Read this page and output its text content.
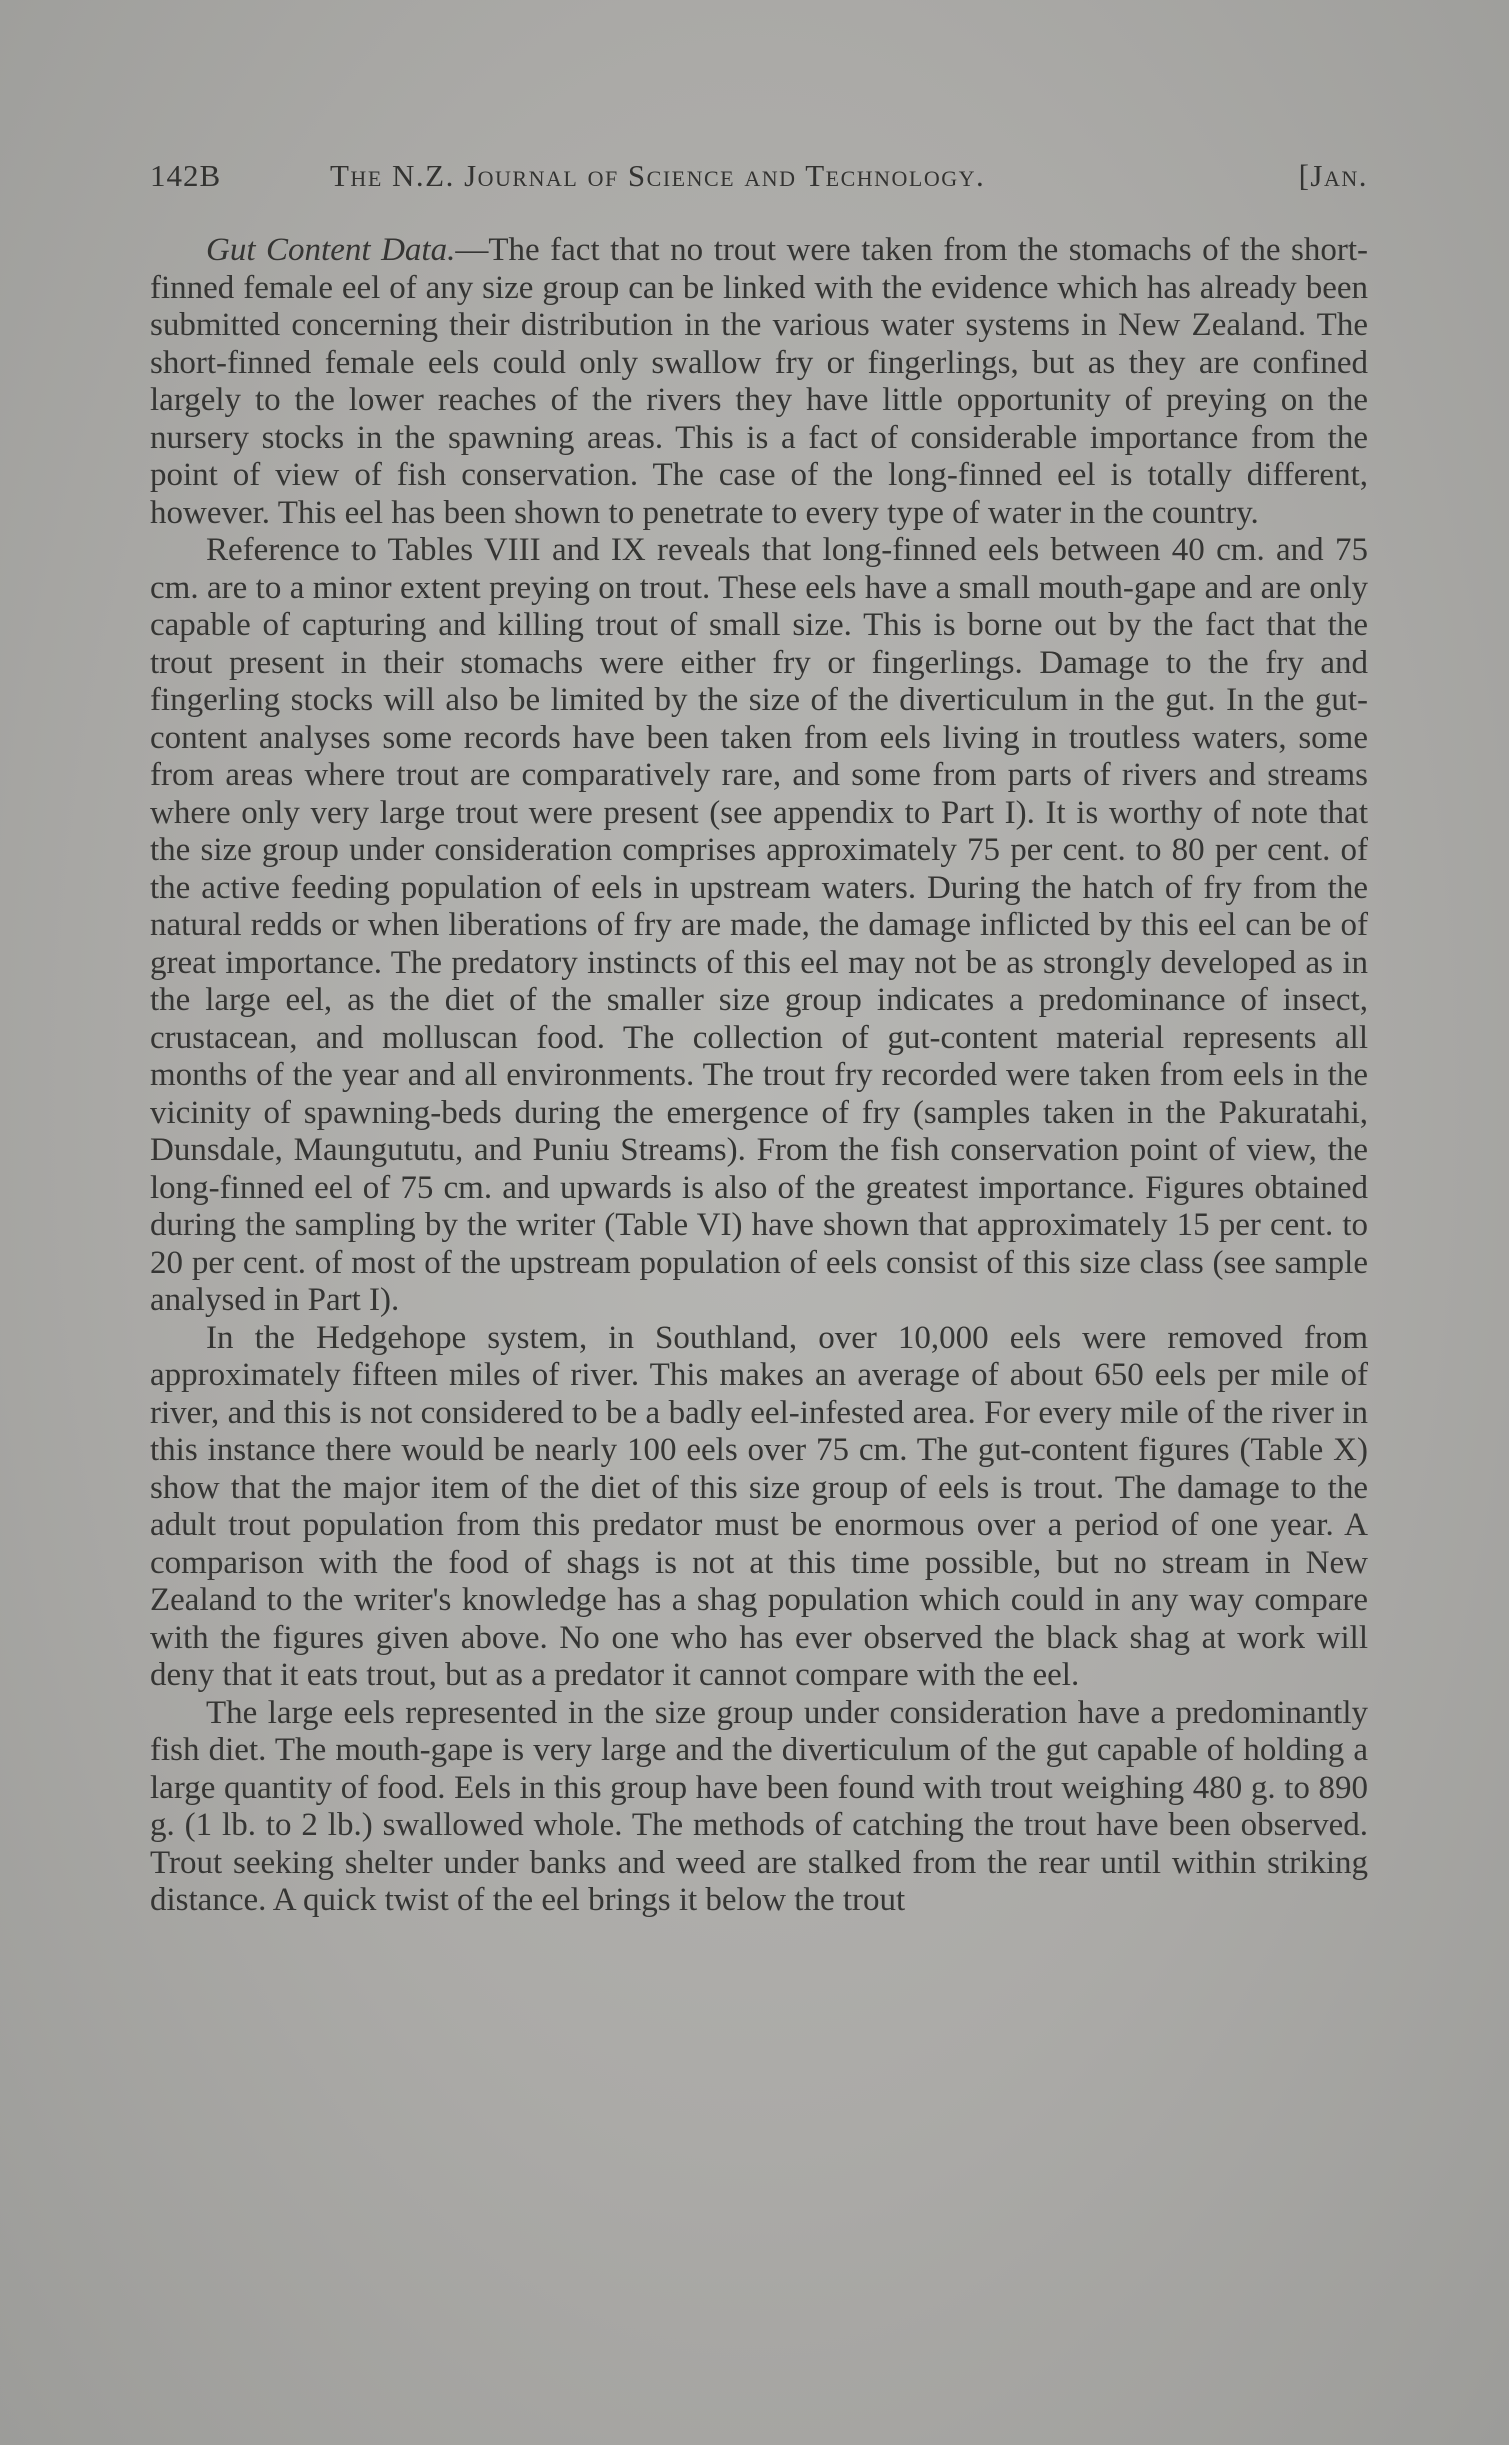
142B	The N.Z. Journal of Science and Technology.	[Jan.

Gut Content Data.—The fact that no trout were taken from the stomachs of the short-finned female eel of any size group can be linked with the evidence which has already been submitted concerning their distribution in the various water systems in New Zealand. The short-finned female eels could only swallow fry or fingerlings, but as they are confined largely to the lower reaches of the rivers they have little opportunity of preying on the nursery stocks in the spawning areas. This is a fact of considerable importance from the point of view of fish conservation. The case of the long-finned eel is totally different, however. This eel has been shown to penetrate to every type of water in the country.

Reference to Tables VIII and IX reveals that long-finned eels between 40 cm. and 75 cm. are to a minor extent preying on trout. These eels have a small mouth-gape and are only capable of capturing and killing trout of small size. This is borne out by the fact that the trout present in their stomachs were either fry or fingerlings. Damage to the fry and fingerling stocks will also be limited by the size of the diverticulum in the gut. In the gut-content analyses some records have been taken from eels living in troutless waters, some from areas where trout are comparatively rare, and some from parts of rivers and streams where only very large trout were present (see appendix to Part I). It is worthy of note that the size group under consideration comprises approximately 75 per cent. to 80 per cent. of the active feeding population of eels in upstream waters. During the hatch of fry from the natural redds or when liberations of fry are made, the damage inflicted by this eel can be of great importance. The predatory instincts of this eel may not be as strongly developed as in the large eel, as the diet of the smaller size group indicates a predominance of insect, crustacean, and molluscan food. The collection of gut-content material represents all months of the year and all environments. The trout fry recorded were taken from eels in the vicinity of spawning-beds during the emergence of fry (samples taken in the Pakuratahi, Dunsdale, Maungututu, and Puniu Streams). From the fish conservation point of view, the long-finned eel of 75 cm. and upwards is also of the greatest importance. Figures obtained during the sampling by the writer (Table VI) have shown that approximately 15 per cent. to 20 per cent. of most of the upstream population of eels consist of this size class (see sample analysed in Part I).

In the Hedgehope system, in Southland, over 10,000 eels were removed from approximately fifteen miles of river. This makes an average of about 650 eels per mile of river, and this is not considered to be a badly eel-infested area. For every mile of the river in this instance there would be nearly 100 eels over 75 cm. The gut-content figures (Table X) show that the major item of the diet of this size group of eels is trout. The damage to the adult trout population from this predator must be enormous over a period of one year. A comparison with the food of shags is not at this time possible, but no stream in New Zealand to the writer's knowledge has a shag population which could in any way compare with the figures given above. No one who has ever observed the black shag at work will deny that it eats trout, but as a predator it cannot compare with the eel.

The large eels represented in the size group under consideration have a predominantly fish diet. The mouth-gape is very large and the diverticulum of the gut capable of holding a large quantity of food. Eels in this group have been found with trout weighing 480 g. to 890 g. (1 lb. to 2 lb.) swallowed whole. The methods of catching the trout have been observed. Trout seeking shelter under banks and weed are stalked from the rear until within striking distance. A quick twist of the eel brings it below the trout
